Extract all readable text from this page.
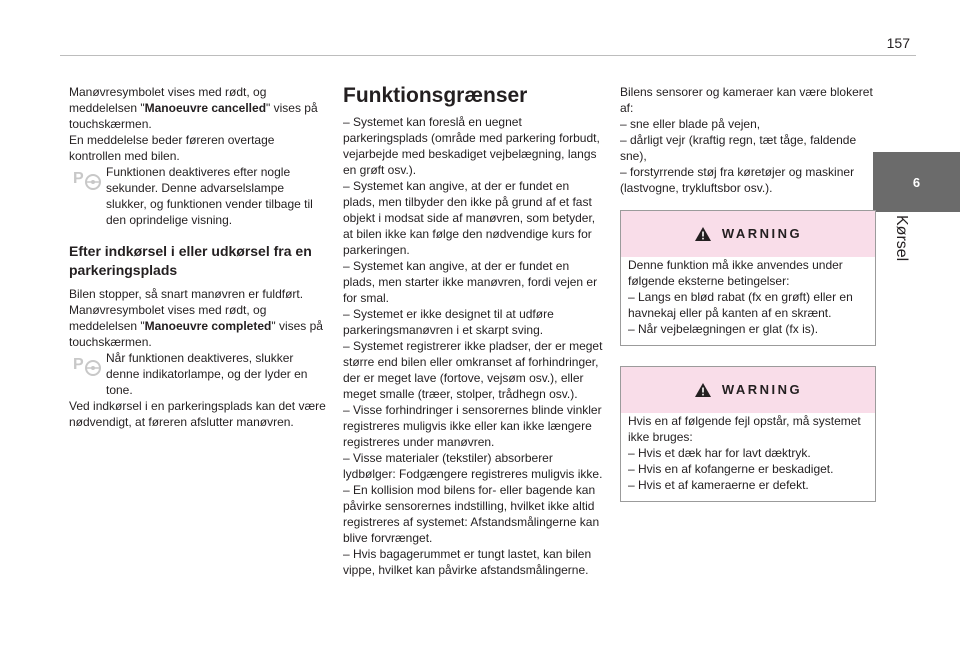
157
6
Kørsel

Manøvresymbolet vises med rødt, og meddelelsen "Manoeuvre cancelled" vises på touchskærmen.

En meddelelse beder føreren overtage kontrollen med bilen.

P Funktionen deaktiveres efter nogle sekunder. Denne advarselslampe slukker, og funktionen vender tilbage til den oprindelige visning.

Efter indkørsel i eller udkørsel fra en parkeringsplads

Bilen stopper, så snart manøvren er fuldført.

Manøvresymbolet vises med rødt, og meddelelsen "Manoeuvre completed" vises på touchskærmen.

P Når funktionen deaktiveres, slukker denne indikatorlampe, og der lyder en tone.

Ved indkørsel i en parkeringsplads kan det være nødvendigt, at føreren afslutter manøvren.

Funktionsgrænser

– Systemet kan foreslå en uegnet parkeringsplads (område med parkering forbudt, vejarbejde med beskadiget vejbelægning, langs en grøft osv.).

– Systemet kan angive, at der er fundet en plads, men tilbyder den ikke på grund af et fast objekt i modsat side af manøvren, som betyder, at bilen ikke kan følge den nødvendige kurs for parkeringen.

– Systemet kan angive, at der er fundet en plads, men starter ikke manøvren, fordi vejen er for smal.

– Systemet er ikke designet til at udføre parkeringsmanøvren i et skarpt sving.

– Systemet registrerer ikke pladser, der er meget større end bilen eller omkranset af forhindringer, der er meget lave (fortove, vejsøm osv.), eller meget smalle (træer, stolper, trådhegn osv.).

– Visse forhindringer i sensorernes blinde vinkler registreres muligvis ikke eller kan ikke længere registreres under manøvren.

– Visse materialer (tekstiler) absorberer lydbølger: Fodgængere registreres muligvis ikke.

– En kollision mod bilens for- eller bagende kan påvirke sensorernes indstilling, hvilket ikke altid registreres af systemet: Afstandsmålingerne kan blive forvrænget.

– Hvis bagagerummet er tungt lastet, kan bilen vippe, hvilket kan påvirke afstandsmålingerne.

Bilens sensorer og kameraer kan være blokeret af:

– sne eller blade på vejen,

– dårligt vejr (kraftig regn, tæt tåge, faldende sne),

– forstyrrende støj fra køretøjer og maskiner (lastvogne, trykluftsbor osv.).

WARNING

Denne funktion må ikke anvendes under følgende eksterne betingelser:

– Langs en blød rabat (fx en grøft) eller en havnekaj eller på kanten af en skrænt.

– Når vejbelægningen er glat (fx is).

WARNING

Hvis en af følgende fejl opstår, må systemet ikke bruges:

– Hvis et dæk har for lavt dæktryk.

– Hvis en af kofangerne er beskadiget.

– Hvis et af kameraerne er defekt.
